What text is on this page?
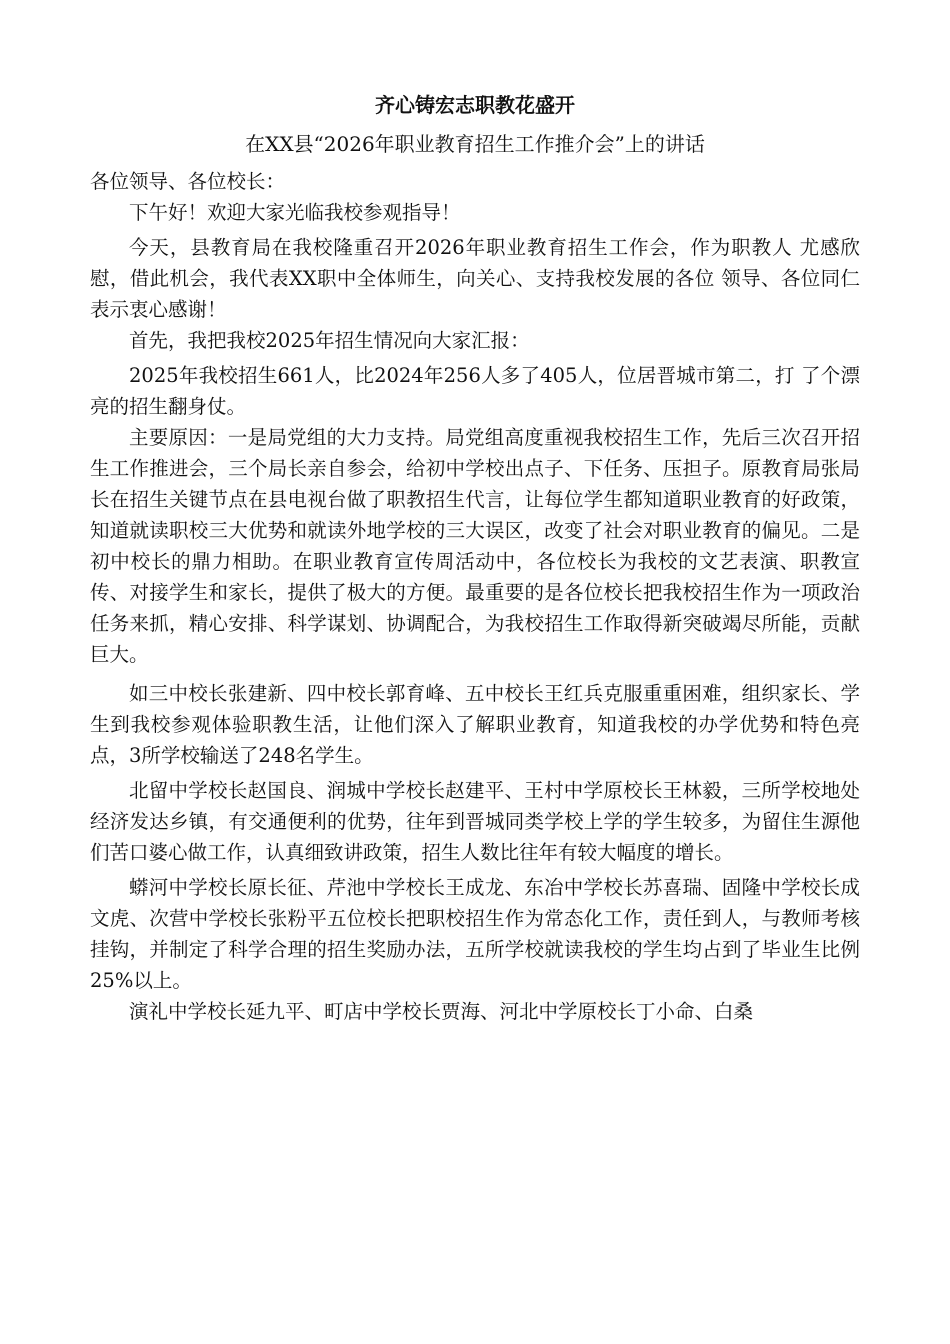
齐心铸宏志职教花盛开
在XX县“2026年职业教育招生工作推介会”上的讲话

各位领导、各位校长：

下午好！欢迎大家光临我校参观指导！

今天，县教育局在我校隆重召开2026年职业教育招生工作会，作为职教人 尤感欣慰，借此机会，我代表XX职中全体师生，向关心、支持我校发展的各位 领导、各位同仁表示衷心感谢！

首先，我把我校2025年招生情况向大家汇报：

2025年我校招生661人，比2024年256人多了405人，位居晋城市第二，打 了个漂亮的招生翻身仗。

主要原因：一是局党组的大力支持。局党组高度重视我校招生工作，先后三次召开招生工作推进会，三个局长亲自参会，给初中学校出点子、下任务、压担子。原教育局张局长在招生关键节点在县电视台做了职教招生代言，让每位学生都知道职业教育的好政策，知道就读职校三大优势和就读外地学校的三大误区，改变了社会对职业教育的偏见。二是初中校长的鼎力相助。在职业教育宣传周活动中，各位校长为我校的文艺表演、职教宣传、对接学生和家长，提供了极大的方便。最重要的是各位校长把我校招生作为一项政治任务来抓，精心安排、科学谋划、协调配合，为我校招生工作取得新突破竭尽所能，贡献巨大。

如三中校长张建新、四中校长郭育峰、五中校长王红兵克服重重困难，组织家长、学生到我校参观体验职教生活，让他们深入了解职业教育，知道我校的办学优势和特色亮点，3所学校输送了248名学生。

北留中学校长赵国良、润城中学校长赵建平、王村中学原校长王林毅，三所学校地处经济发达乡镇，有交通便利的优势，往年到晋城同类学校上学的学生较多，为留住生源他们苦口婆心做工作，认真细致讲政策，招生人数比往年有较大幅度的增长。

蟒河中学校长原长征、芹池中学校长王成龙、东冶中学校长苏喜瑞、固隆中学校长成文虎、次营中学校长张粉平五位校长把职校招生作为常态化工作，责任到人，与教师考核挂钩，并制定了科学合理的招生奖励办法，五所学校就读我校的学生均占到了毕业生比例25%以上。

演礼中学校长延九平、町店中学校长贾海、河北中学原校长丁小命、白桑
